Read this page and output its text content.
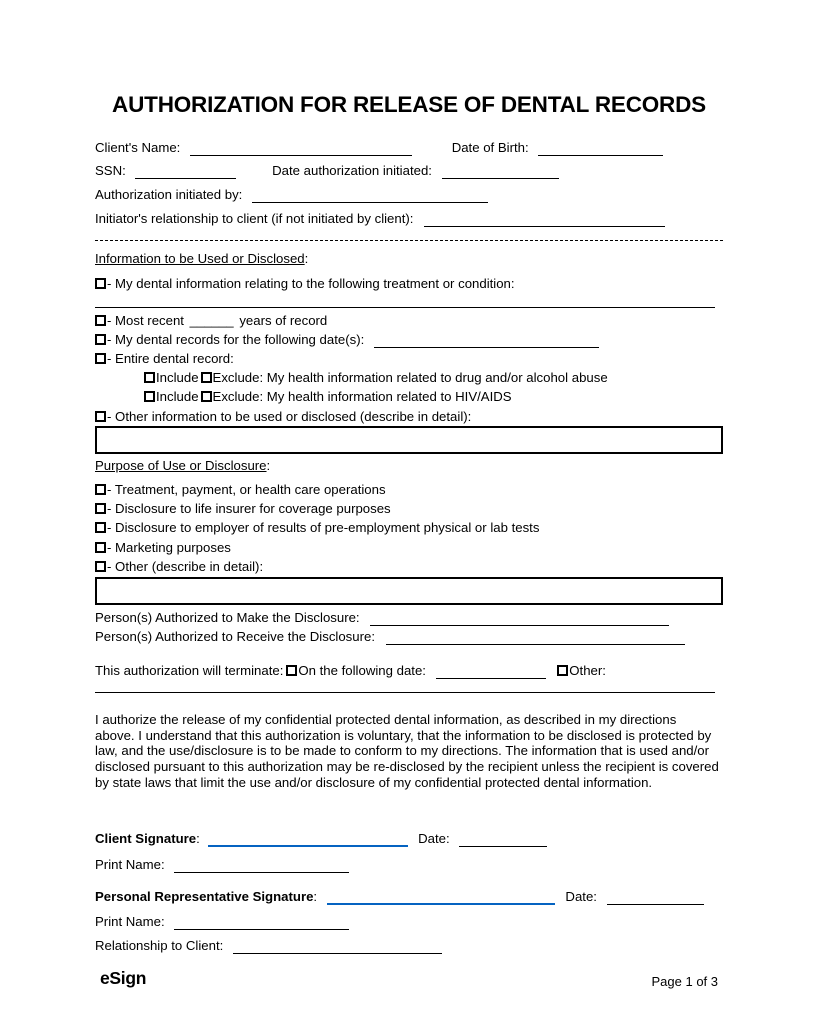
AUTHORIZATION FOR RELEASE OF DENTAL RECORDS
Client's Name:	Date of Birth:
SSN:	Date authorization initiated:
Authorization initiated by:
Initiator's relationship to client (if not initiated by client):
Information to be Used or Disclosed:
- My dental information relating to the following treatment or condition:
- Most recent ______ years of record
- My dental records for the following date(s):
- Entire dental record:
Include Exclude: My health information related to drug and/or alcohol abuse
Include Exclude: My health information related to HIV/AIDS
- Other information to be used or disclosed (describe in detail):
Purpose of Use or Disclosure:
- Treatment, payment, or health care operations
- Disclosure to life insurer for coverage purposes
- Disclosure to employer of results of pre-employment physical or lab tests
- Marketing purposes
- Other (describe in detail):
Person(s) Authorized to Make the Disclosure:
Person(s) Authorized to Receive the Disclosure:
This authorization will terminate: On the following date:	Other:
I authorize the release of my confidential protected dental information, as described in my directions above. I understand that this authorization is voluntary, that the information to be disclosed is protected by law, and the use/disclosure is to be made to conform to my directions. The information that is used and/or disclosed pursuant to this authorization may be re-disclosed by the recipient unless the recipient is covered by state laws that limit the use and/or disclosure of my confidential protected dental information.
Client Signature:	Date:
Print Name:
Personal Representative Signature:	Date:
Print Name:
Relationship to Client:
eSign	Page 1 of 3
